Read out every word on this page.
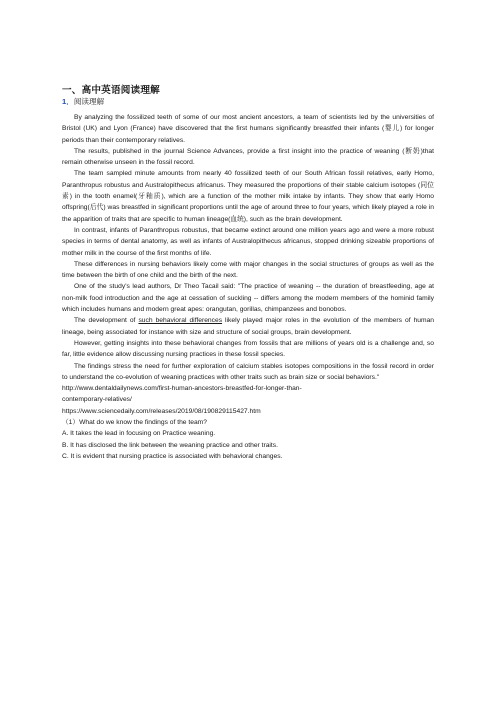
一、高中英语阅读理解
1．阅读理解

By analyzing the fossilized teeth of some of our most ancient ancestors, a team of scientists led by the universities of Bristol (UK) and Lyon (France) have discovered that the first humans significantly breastfed their infants (婴儿) for longer periods than their contemporary relatives.

The results, published in the journal Science Advances, provide a first insight into the practice of weaning (断奶)that remain otherwise unseen in the fossil record.

The team sampled minute amounts from nearly 40 fossilized teeth of our South African fossil relatives, early Homo, Paranthropus robustus and Australopithecus africanus. They measured the proportions of their stable calcium isotopes (同位素) in the tooth enamel(牙釉质), which are a function of the mother milk intake by infants. They show that early Homo offspring(后代) was breastfed in significant proportions until the age of around three to four years, which likely played a role in the apparition of traits that are specific to human lineage(血统), such as the brain development.

In contrast, infants of Paranthropus robustus, that became extinct around one million years ago and were a more robust species in terms of dental anatomy, as well as infants of Australopithecus africanus, stopped drinking sizeable proportions of mother milk in the course of the first months of life.

These differences in nursing behaviors likely come with major changes in the social structures of groups as well as the time between the birth of one child and the birth of the next.

One of the study's lead authors, Dr Theo Tacail said: "The practice of weaning -- the duration of breastfeeding, age at non-milk food introduction and the age at cessation of suckling -- differs among the modern members of the hominid family which includes humans and modern great apes: orangutan, gorillas, chimpanzees and bonobos.

The development of such behavioral differences likely played major roles in the evolution of the members of human lineage, being associated for instance with size and structure of social groups, brain development.

However, getting insights into these behavioral changes from fossils that are millions of years old is a challenge and, so far, little evidence allow discussing nursing practices in these fossil species.

The findings stress the need for further exploration of calcium stables isotopes compositions in the fossil record in order to understand the co-evolution of weaning practices with other traits such as brain size or social behaviors."

http://www.dentaldailynews.com/first-human-ancestors-breastfed-for-longer-than-

contemporary-relatives/

https://www.sciencedaily.com/releases/2019/08/190829115427.htm

（1）What do we know the findings of the team?

A. It takes the lead in focusing on Practice weaning.

B. It has disclosed the link between the weaning practice and other traits.

C. It is evident that nursing practice is associated with behavioral changes.
